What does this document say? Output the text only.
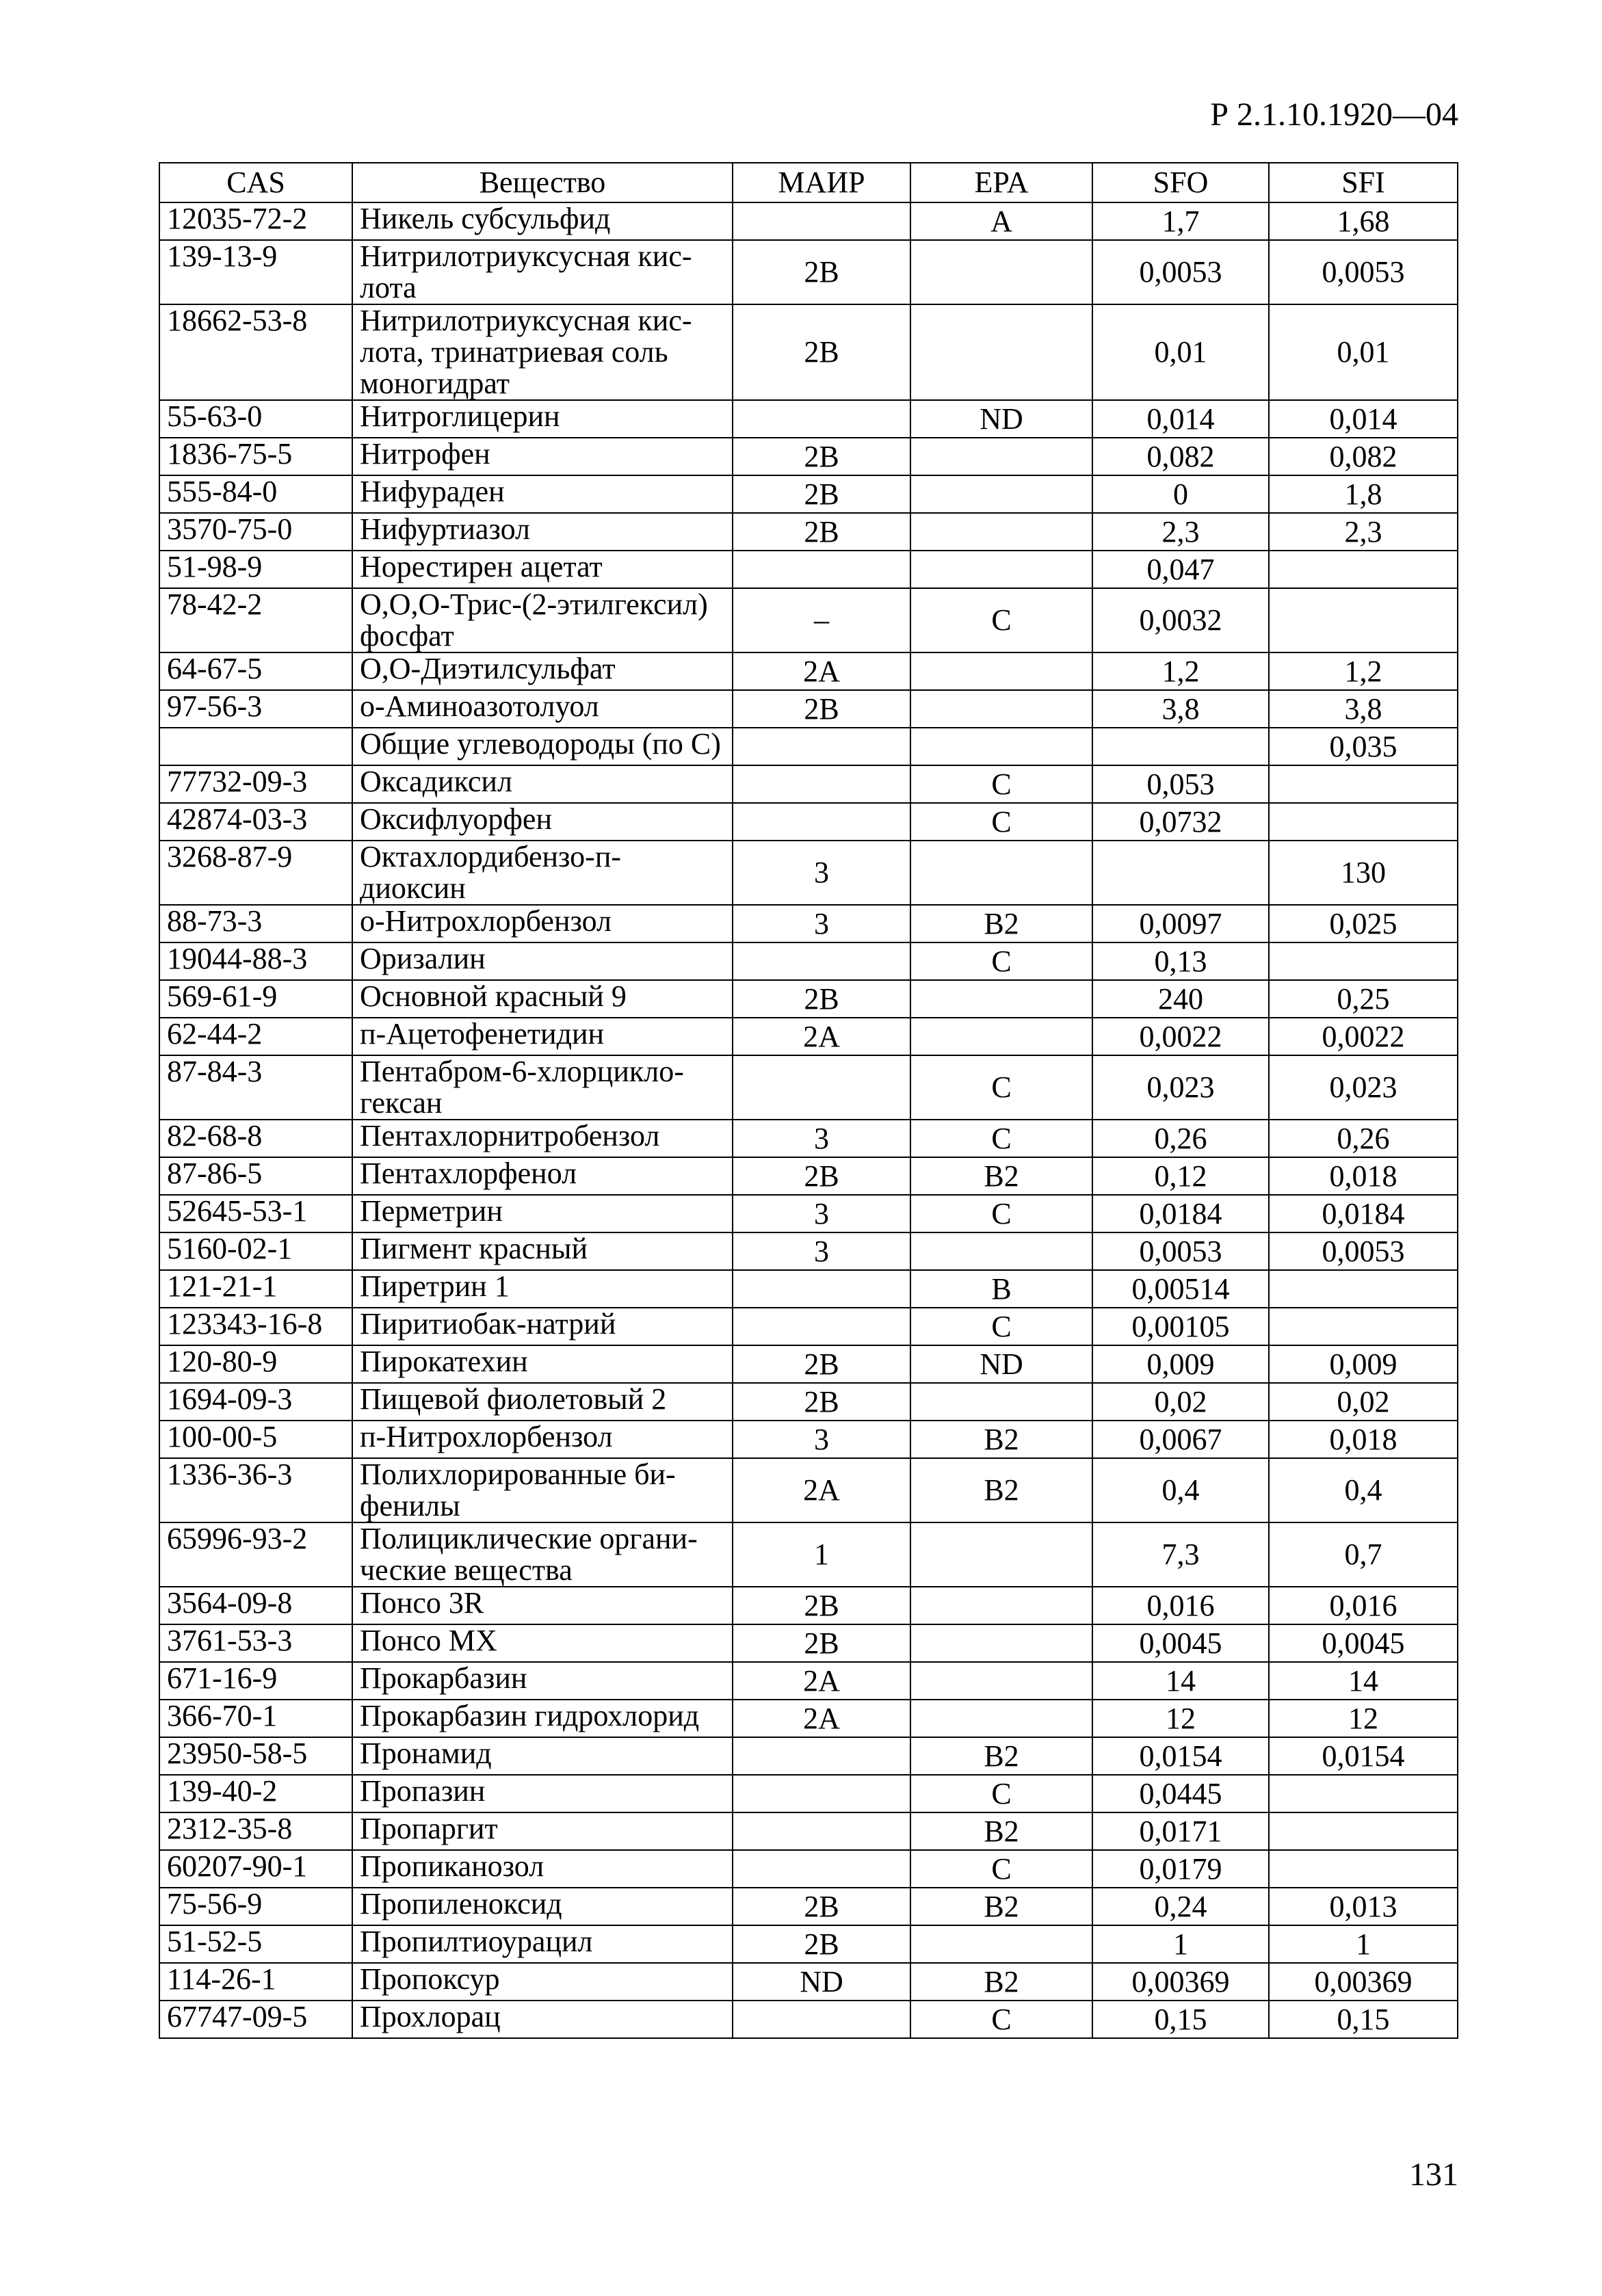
Р 2.1.10.1920—04
CAS	Вещество	МАИР	EPA	SFO	SFI
12035-72-2	Никель субсульфид		A	1,7	1,68
139-13-9	Нитрилотриуксусная кис-лота	2B		0,0053	0,0053
18662-53-8	Нитрилотриуксусная кис-лота, тринатриевая соль моногидрат	2B		0,01	0,01
55-63-0	Нитроглицерин		ND	0,014	0,014
1836-75-5	Нитрофен	2B		0,082	0,082
555-84-0	Нифураден	2B		0	1,8
3570-75-0	Нифуртиазол	2B		2,3	2,3
51-98-9	Норестирен ацетат			0,047	
78-42-2	O,O,O-Трис-(2-этилгексил) фосфат	–	C	0,0032	
64-67-5	O,O-Диэтилсульфат	2A		1,2	1,2
97-56-3	о-Аминоазотолуол	2B		3,8	3,8
	Общие углеводороды (по С)				0,035
77732-09-3	Оксадиксил		C	0,053	
42874-03-3	Оксифлуорфен		C	0,0732	
3268-87-9	Октахлордибензо-п-диоксин	3			130
88-73-3	о-Нитрохлорбензол	3	B2	0,0097	0,025
19044-88-3	Оризалин		C	0,13	
569-61-9	Основной красный 9	2B		240	0,25
62-44-2	п-Ацетофенетидин	2A		0,0022	0,0022
87-84-3	Пентабром-6-хлорцикло-гексан		C	0,023	0,023
82-68-8	Пентахлорнитробензол	3	C	0,26	0,26
87-86-5	Пентахлорфенол	2B	B2	0,12	0,018
52645-53-1	Перметрин	3	C	0,0184	0,0184
5160-02-1	Пигмент красный	3		0,0053	0,0053
121-21-1	Пиретрин 1		B	0,00514	
123343-16-8	Пиритиобак-натрий		C	0,00105	
120-80-9	Пирокатехин	2B	ND	0,009	0,009
1694-09-3	Пищевой фиолетовый 2	2B		0,02	0,02
100-00-5	п-Нитрохлорбензол	3	B2	0,0067	0,018
1336-36-3	Полихлорированные би-фенилы	2A	B2	0,4	0,4
65996-93-2	Полициклические органи-ческие вещества	1		7,3	0,7
3564-09-8	Понсо 3R	2B		0,016	0,016
3761-53-3	Понсо МХ	2B		0,0045	0,0045
671-16-9	Прокарбазин	2A		14	14
366-70-1	Прокарбазин гидрохлорид	2A		12	12
23950-58-5	Пронамид		B2	0,0154	0,0154
139-40-2	Пропазин		C	0,0445	
2312-35-8	Пропаргит		B2	0,0171	
60207-90-1	Пропиканозол		C	0,0179	
75-56-9	Пропиленоксид	2B	B2	0,24	0,013
51-52-5	Пропилтиоурацил	2B		1	1
114-26-1	Пропоксур	ND	B2	0,00369	0,00369
67747-09-5	Прохлорац		C	0,15	0,15
131
